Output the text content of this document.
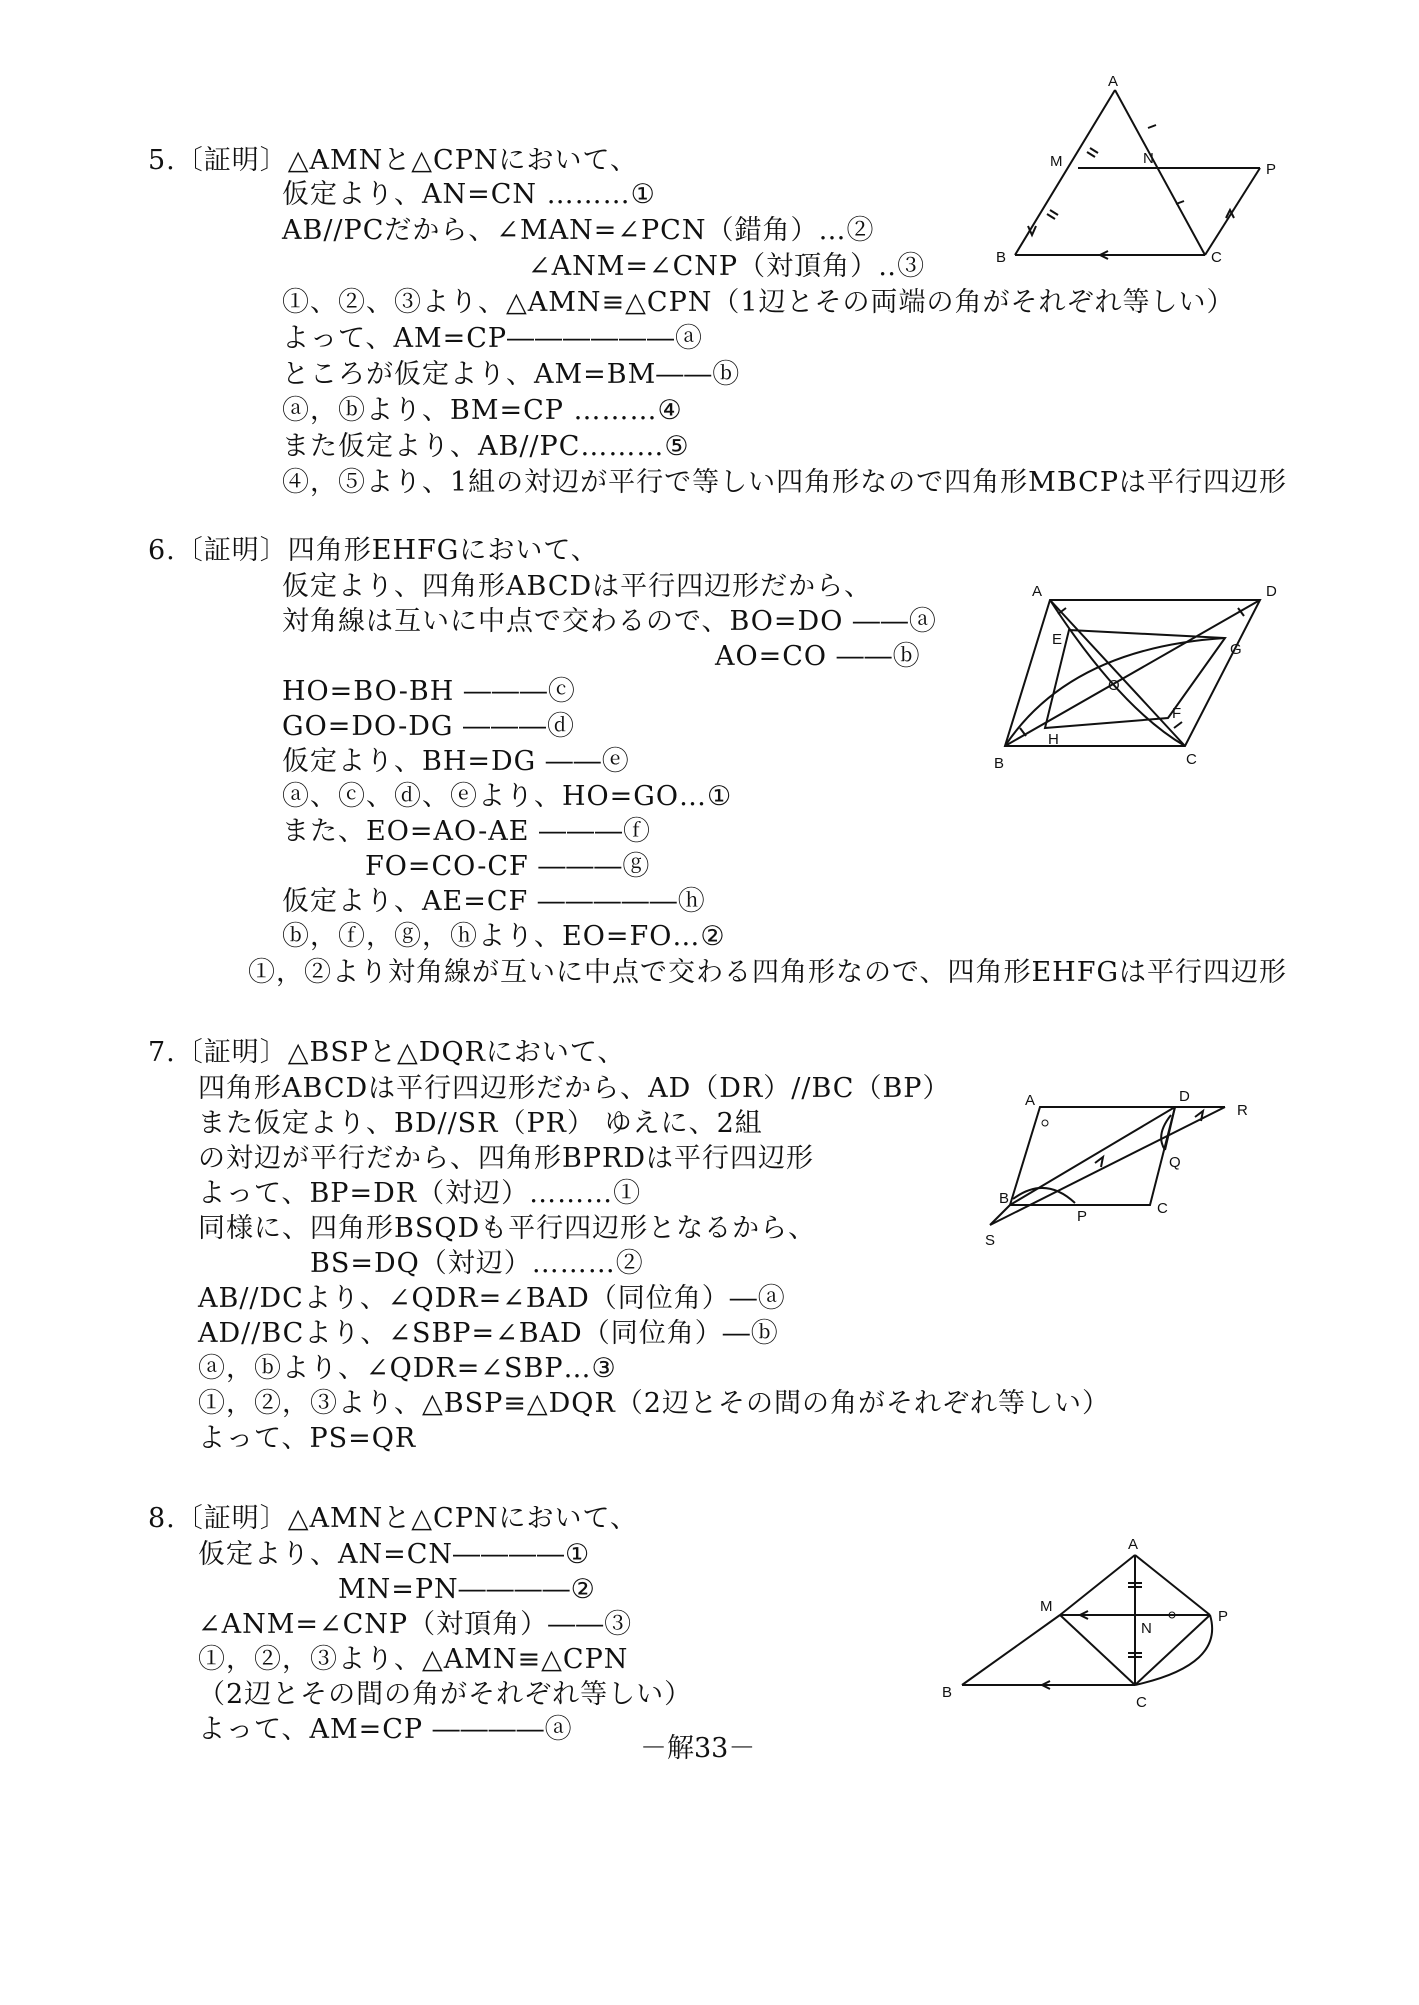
5.〔証明〕△AMNと△CPNにおいて、
仮定より、AN=CN ………①
AB//PCだから、∠MAN=∠PCN（錯角）…②
∠ANM=∠CNP（対頂角）‥③
①、②、③より、△AMN≡△CPN（1辺とその両端の角がそれぞれ等しい）
よって、AM=CP――――――ⓐ
ところが仮定より、AM=BM――ⓑ
ⓐ，ⓑより、BM=CP ………④
また仮定より、AB//PC………⑤
④，⑤より、1組の対辺が平行で等しい四角形なので四角形MBCPは平行四辺形
A
M	N
P
B	C
6.〔証明〕四角形EHFGにおいて、
仮定より、四角形ABCDは平行四辺形だから、
対角線は互いに中点で交わるので、BO=DO ――ⓐ
AO=CO ――ⓑ
HO=BO-BH ―――ⓒ
GO=DO-DG ―――ⓓ
仮定より、BH=DG ――ⓔ
ⓐ、ⓒ、ⓓ、ⓔより、HO=GO…①
また、EO=AO-AE ―――ⓕ
FO=CO-CF ―――ⓖ
仮定より、AE=CF ―――――ⓗ
ⓑ，ⓕ，ⓖ，ⓗより、EO=FO…②
①，②より対角線が互いに中点で交わる四角形なので、四角形EHFGは平行四辺形
A	D
E
G
O
H
F
B	C
7.〔証明〕△BSPと△DQRにおいて、
四角形ABCDは平行四辺形だから、AD（DR）//BC（BP）
また仮定より、BD//SR（PR） ゆえに、2組
の対辺が平行だから、四角形BPRDは平行四辺形
よって、BP=DR（対辺）………①
同様に、四角形BSQDも平行四辺形となるから、
BS=DQ（対辺）………②
AB//DCより、∠QDR=∠BAD（同位角）―ⓐ
AD//BCより、∠SBP=∠BAD（同位角）―ⓑ
ⓐ，ⓑより、∠QDR=∠SBP…③
①，②，③より、△BSP≡△DQR（2辺とその間の角がそれぞれ等しい）
よって、PS=QR
A	D
R
Q
B
P	C
S
8.〔証明〕△AMNと△CPNにおいて、
仮定より、AN=CN――――①
MN=PN――――②
∠ANM=∠CNP（対頂角）――③
①，②，③より、△AMN≡△CPN
（2辺とその間の角がそれぞれ等しい）
よって、AM=CP ――――ⓐ
A
M
N
P
B
C
－解33－
